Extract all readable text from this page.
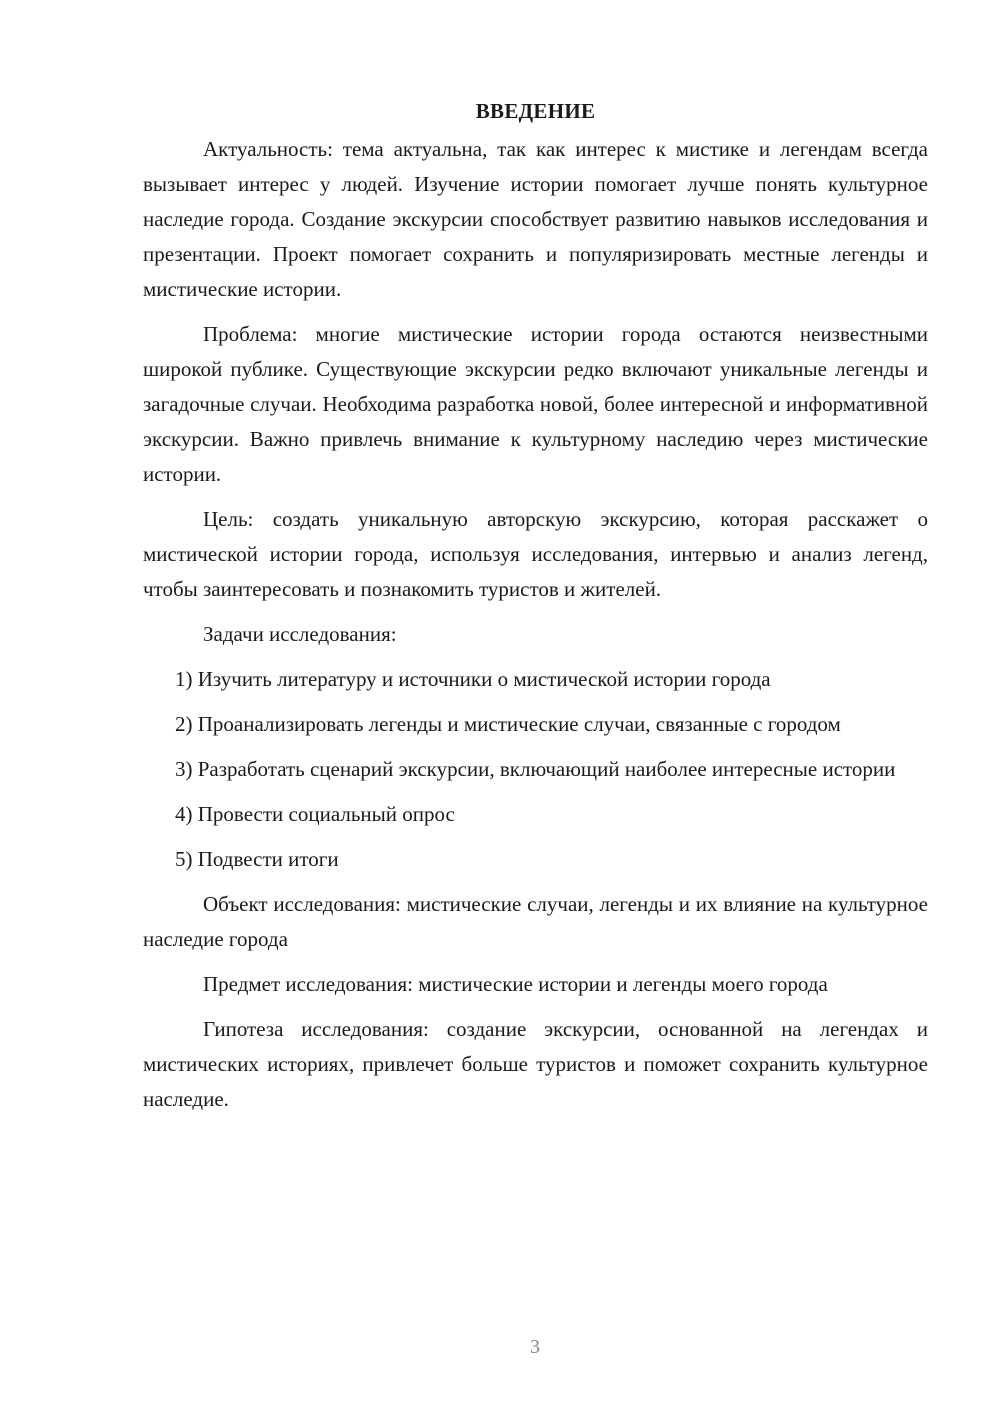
ВВЕДЕНИЕ

Актуальность: тема актуальна, так как интерес к мистике и легендам всегда вызывает интерес у людей. Изучение истории помогает лучше понять культурное наследие города. Создание экскурсии способствует развитию навыков исследования и презентации. Проект помогает сохранить и популяризировать местные легенды и мистические истории.

Проблема: многие мистические истории города остаются неизвестными широкой публике. Существующие экскурсии редко включают уникальные легенды и загадочные случаи. Необходима разработка новой, более интересной и информативной экскурсии. Важно привлечь внимание к культурному наследию через мистические истории.

Цель: создать уникальную авторскую экскурсию, которая расскажет о мистической истории города, используя исследования, интервью и анализ легенд, чтобы заинтересовать и познакомить туристов и жителей.

Задачи исследования:

1) Изучить литературу и источники о мистической истории города

2) Проанализировать легенды и мистические случаи, связанные с городом

3) Разработать сценарий экскурсии, включающий наиболее интересные истории

4) Провести социальный опрос

5) Подвести итоги

Объект исследования: мистические случаи, легенды и их влияние на культурное наследие города

Предмет исследования: мистические истории и легенды моего города

Гипотеза исследования: создание экскурсии, основанной на легендах и мистических историях, привлечет больше туристов и поможет сохранить культурное наследие.

3
